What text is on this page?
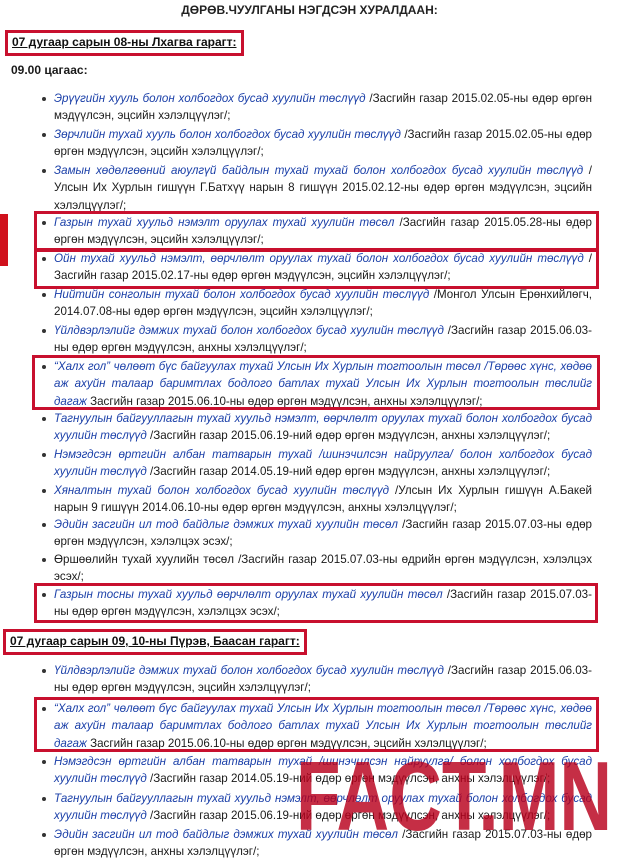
ДӨРӨВ.ЧУУЛГАНЫ НЭГДСЭН ХУРАЛДААН:
07 дугаар сарын 08-ны Лхагва гарагт:
09.00 цагаас:
Эрүүгийн хууль болон холбогдох бусад хуулийн төслүүд /Засгийн газар 2015.02.05-ны өдөр өргөн мэдүүлсэн, эцсийн хэлэлцүүлэг/;
Зөрчлийн тухай хууль болон холбогдох бусад хуулийн төслүүд /Засгийн газар 2015.02.05-ны өдөр өргөн мэдүүлсэн, эцсийн хэлэлцүүлэг/;
Замын хөдөлгөөний аюулгүй байдлын тухай тухай болон холбогдох бусад хуулийн төслүүд /Улсын Их Хурлын гишүүн Г.Батхүү нарын 8 гишүүн 2015.02.12-ны өдөр өргөн мэдүүлсэн, эцсийн хэлэлцүүлэг/;
Газрын тухай хуульд нэмэлт оруулах тухай хуулийн төсөл /Засгийн газар 2015.05.28-ны өдөр өргөн мэдүүлсэн, эцсийн хэлэлцүүлэг/;
Ойн тухай хуульд нэмэлт, өөрчлөлт оруулах тухай болон холбогдох бусад хуулийн төслүүд /Засгийн газар 2015.02.17-ны өдөр өргөн мэдүүлсэн, эцсийн хэлэлцүүлэг/;
Нийтийн сонголын тухай болон холбогдох бусад хуулийн төслүүд /Монгол Улсын Ерөнхийлөгч, 2014.07.08-ны өдөр өргөн мэдүүлсэн, эцсийн хэлэлцүүлэг/;
Үйлдвэрлэлийг дэмжих тухай болон холбогдох бусад хуулийн төслүүд /Засгийн газар 2015.06.03-ны өдөр өргөн мэдүүлсэн, анхны хэлэлцүүлэг/;
“Халх гол” чөлөөт бүс байгуулах тухай Улсын Их Хурлын тогтоолын төсөл /Төрөөс хүнс, хөдөө аж ахуйн талаар баримтлах бодлого батлах тухай Улсын Их Хурлын тогтоолын төслийг дагаж Засгийн газар 2015.06.10-ны өдөр өргөн мэдүүлсэн, анхны хэлэлцүүлэг/;
Тагнуулын байгууллагын тухай хуульд нэмэлт, өөрчлөлт оруулах тухай болон холбогдох бусад хуулийн төслүүд /Засгийн газар 2015.06.19-ний өдөр өргөн мэдүүлсэн, анхны хэлэлцүүлэг/;
Нэмэгдсэн өртгийн албан татварын тухай /шинэчилсэн найруулга/ болон холбогдох бусад хуулийн төслүүд /Засгийн газар 2014.05.19-ний өдөр өргөн мэдүүлсэн, анхны хэлэлцүүлэг/;
Хяналтын тухай болон холбогдох бусад хуулийн төслүүд /Улсын Их Хурлын гишүүн А.Бакей нарын 9 гишүүн 2014.06.10-ны өдөр өргөн мэдүүлсэн, анхны хэлэлцүүлэг/;
Эдийн засгийн ил тод байдлыг дэмжих тухай хуулийн төсөл /Засгийн газар 2015.07.03-ны өдөр өргөн мэдүүлсэн, хэлэлцэх эсэх/;
Өршөөлийн тухай хуулийн төсөл /Засгийн газар 2015.07.03-ны өдрийн өргөн мэдүүлсэн, хэлэлцэх эсэх/;
Газрын тосны тухай хуульд өөрчлөлт оруулах тухай хуулийн төсөл /Засгийн газар 2015.07.03-ны өдөр өргөн мэдүүлсэн, хэлэлцэх эсэх/;
07 дугаар сарын 09, 10-ны Пүрэв, Баасан гарагт:
Үйлдвэрлэлийг дэмжих тухай болон холбогдох бусад хуулийн төслүүд /Засгийн газар 2015.06.03-ны өдөр өргөн мэдүүлсэн, эцсийн хэлэлцүүлэг/;
“Халх гол” чөлөөт бүс байгуулах тухай Улсын Их Хурлын тогтоолын төсөл /Төрөөс хүнс, хөдөө аж ахуйн талаар баримтлах бодлого батлах тухай Улсын Их Хурлын тогтоолын төслийг дагаж Засгийн газар 2015.06.10-ны өдөр өргөн мэдүүлсэн, эцсийн хэлэлцүүлэг/;
Нэмэгдсэн өртгийн албан татварын тухай /шинэчилсэн найруулга/ болон холбогдох бусад хуулийн төслүүд /Засгийн газар 2014.05.19-ний өдөр өргөн мэдүүлсэн, анхны хэлэлцүүлэг/;
Тагнуулын байгууллагын тухай хуульд нэмэлт, өөрчлөлт оруулах тухай болон холбогдох бусад хуулийн төслүүд /Засгийн газар 2015.06.19-ний өдөр өргөн мэдүүлсэн, анхны хэлэлцүүлэг/;
Эдийн засгийн ил тод байдлыг дэмжих тухай хуулийн төсөл /Засгийн газар 2015.07.03-ны өдөр өргөн мэдүүлсэн, анхны хэлэлцүүлэг/;
FACT.MN
